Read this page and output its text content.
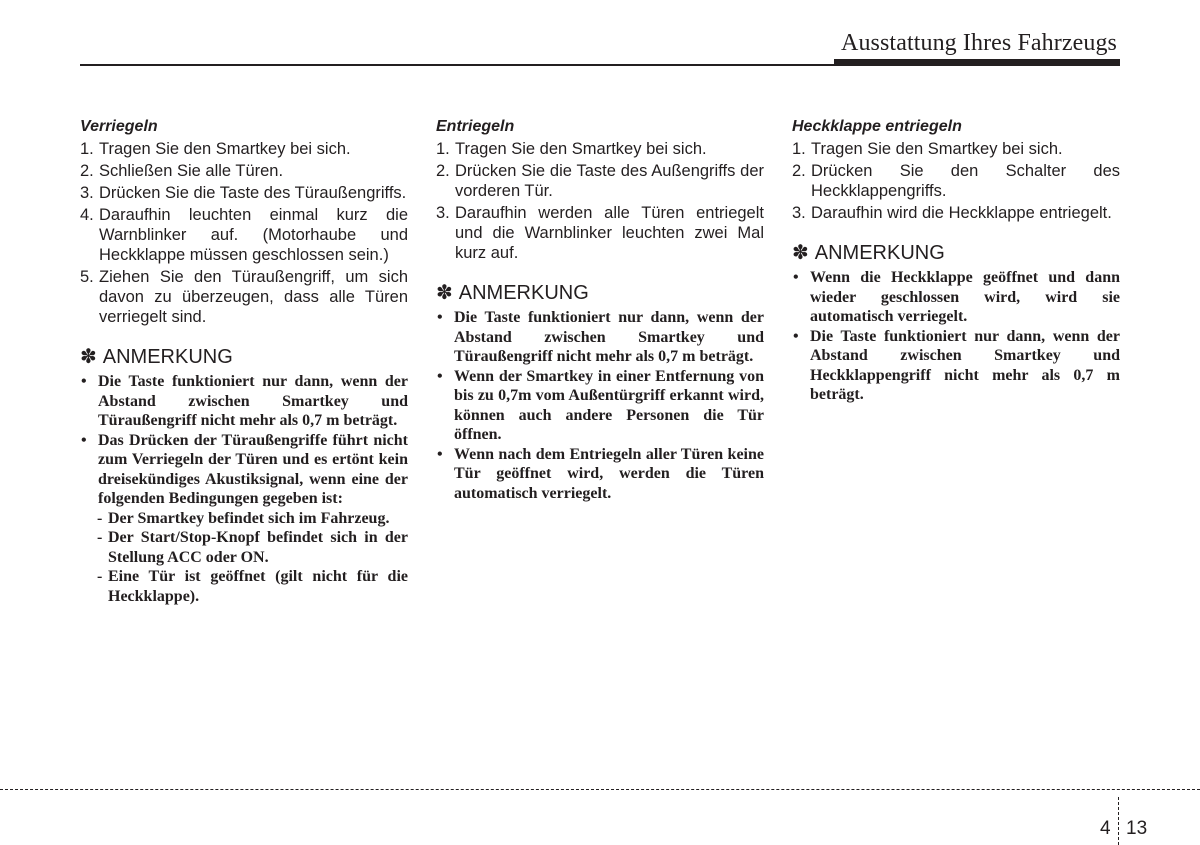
Ausstattung Ihres Fahrzeugs
Verriegeln
1. Tragen Sie den Smartkey bei sich.
2. Schließen Sie alle Türen.
3. Drücken Sie die Taste des Türaußengriffs.
4. Daraufhin leuchten einmal kurz die Warnblinker auf. (Motorhaube und Heckklappe müssen geschlossen sein.)
5. Ziehen Sie den Türaußengriff, um sich davon zu überzeugen, dass alle Türen verriegelt sind.
✽ ANMERKUNG
• Die Taste funktioniert nur dann, wenn der Abstand zwischen Smartkey und Türaußengriff nicht mehr als 0,7 m beträgt.
• Das Drücken der Türaußengriffe führt nicht zum Verriegeln der Türen und es ertönt kein dreisekündiges Akustiksignal, wenn eine der folgenden Bedingungen gegeben ist:
- Der Smartkey befindet sich im Fahrzeug.
- Der Start/Stop-Knopf befindet sich in der Stellung ACC oder ON.
- Eine Tür ist geöffnet (gilt nicht für die Heckklappe).
Entriegeln
1. Tragen Sie den Smartkey bei sich.
2. Drücken Sie die Taste des Außengriffs der vorderen Tür.
3. Daraufhin werden alle Türen entriegelt und die Warnblinker leuchten zwei Mal kurz auf.
✽ ANMERKUNG
• Die Taste funktioniert nur dann, wenn der Abstand zwischen Smartkey und Türaußengriff nicht mehr als 0,7 m beträgt.
• Wenn der Smartkey in einer Entfernung von bis zu 0,7m vom Außentürgriff erkannt wird, können auch andere Personen die Tür öffnen.
• Wenn nach dem Entriegeln aller Türen keine Tür geöffnet wird, werden die Türen automatisch verriegelt.
Heckklappe entriegeln
1. Tragen Sie den Smartkey bei sich.
2. Drücken Sie den Schalter des Heckklappengriffs.
3. Daraufhin wird die Heckklappe entriegelt.
✽ ANMERKUNG
• Wenn die Heckklappe geöffnet und dann wieder geschlossen wird, wird sie automatisch verriegelt.
• Die Taste funktioniert nur dann, wenn der Abstand zwischen Smartkey und Heckklappengriff nicht mehr als 0,7 m beträgt.
4 13
